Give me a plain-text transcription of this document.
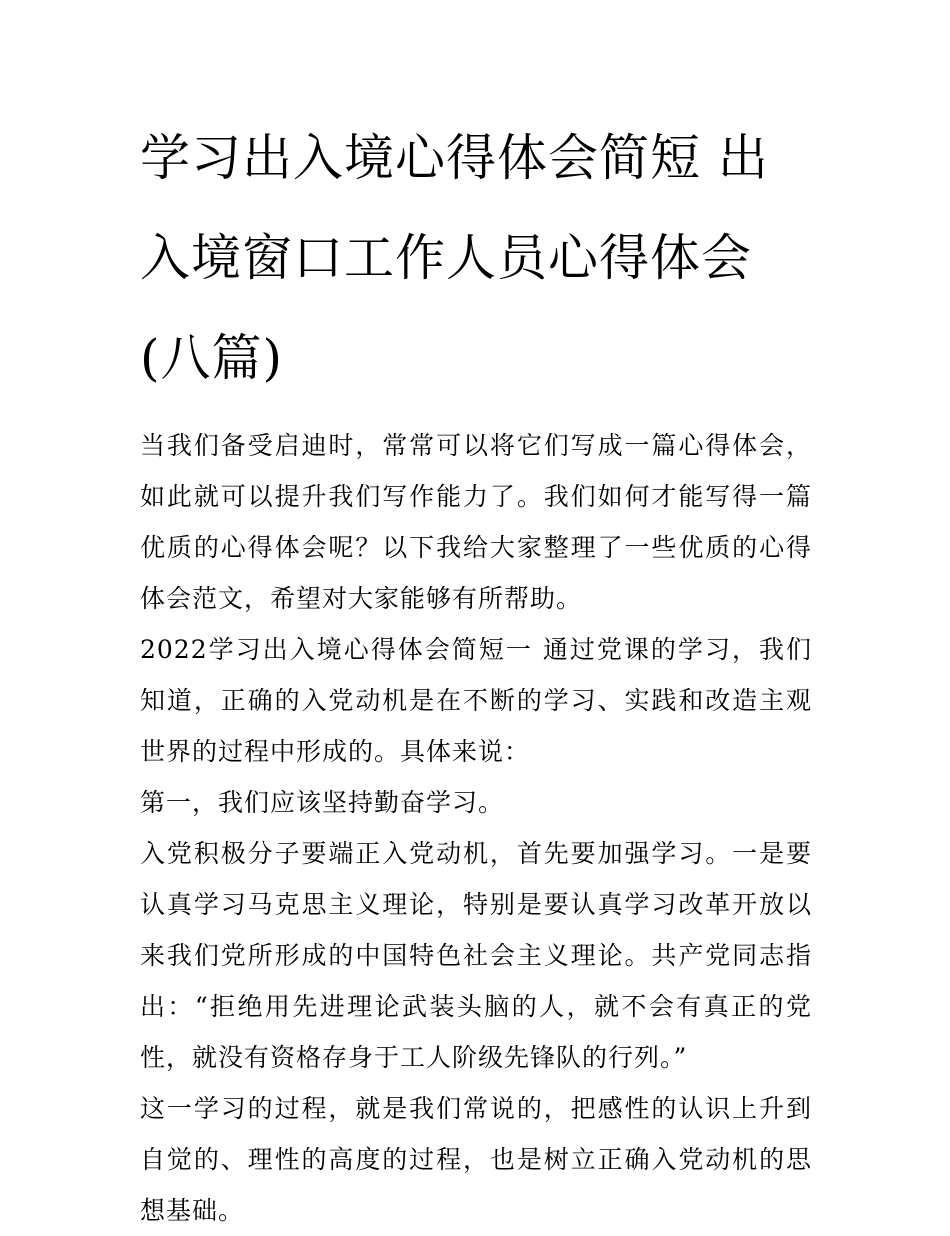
学习出入境心得体会简短 出入境窗口工作人员心得体会(八篇)

当我们备受启迪时，常常可以将它们写成一篇心得体会，如此就可以提升我们写作能力了。我们如何才能写得一篇优质的心得体会呢？以下我给大家整理了一些优质的心得体会范文，希望对大家能够有所帮助。

2022学习出入境心得体会简短一 通过党课的学习，我们知道，正确的入党动机是在不断的学习、实践和改造主观世界的过程中形成的。具体来说：

第一，我们应该坚持勤奋学习。

入党积极分子要端正入党动机，首先要加强学习。一是要认真学习马克思主义理论，特别是要认真学习改革开放以来我们党所形成的中国特色社会主义理论。共产党同志指出：“拒绝用先进理论武装头脑的人，就不会有真正的党性，就没有资格存身于工人阶级先锋队的行列。”

这一学习的过程，就是我们常说的，把感性的认识上升到自觉的、理性的高度的过程，也是树立正确入党动机的思想基础。
